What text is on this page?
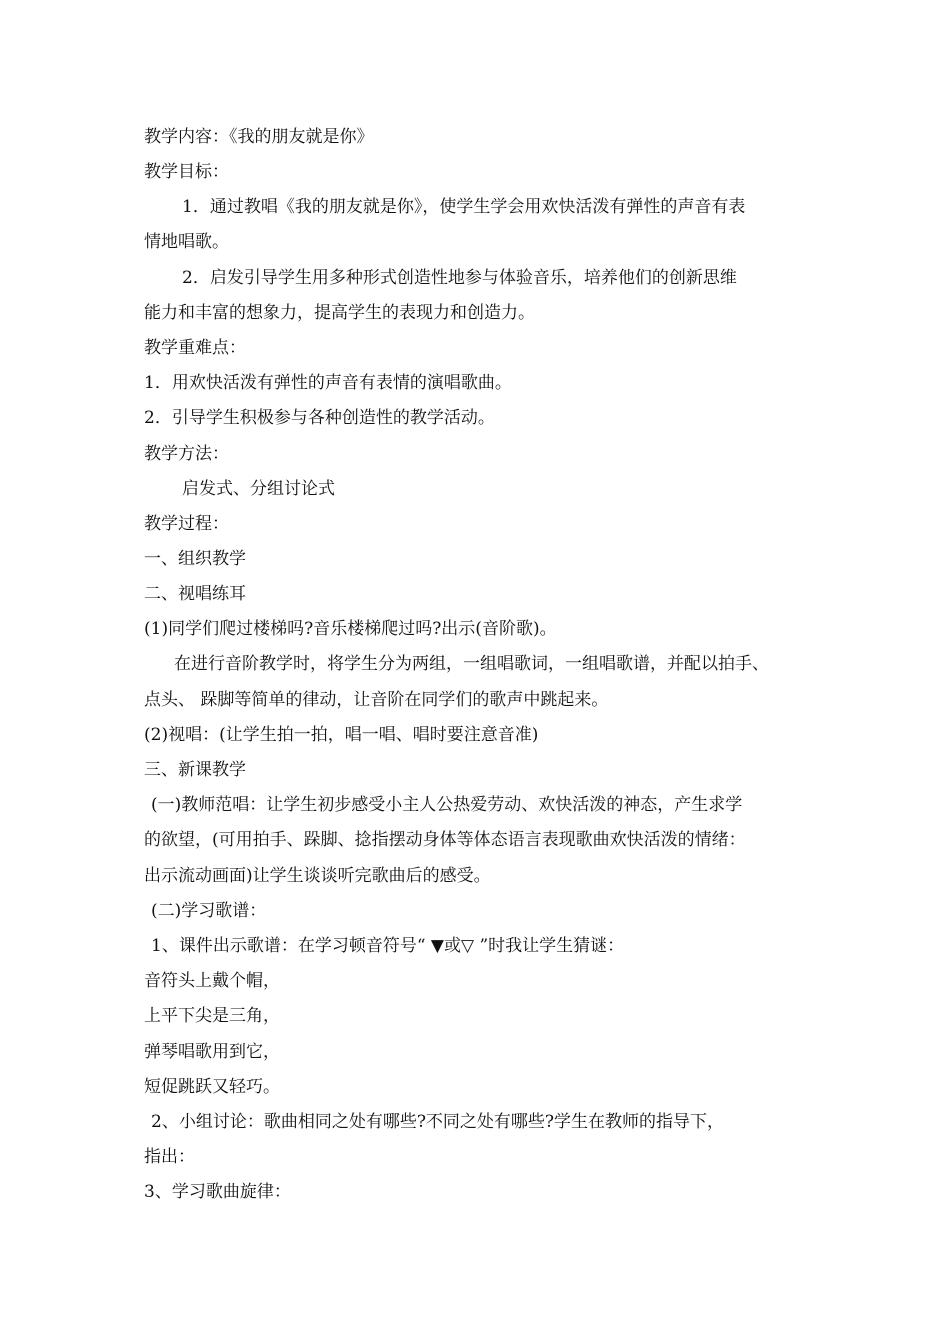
教学内容：《我的朋友就是你》
教学目标：
1．通过教唱《我的朋友就是你》，使学生学会用欢快活泼有弹性的声音有表
情地唱歌。
2．启发引导学生用多种形式创造性地参与体验音乐，培养他们的创新思维
能力和丰富的想象力，提高学生的表现力和创造力。
教学重难点：
1．用欢快活泼有弹性的声音有表情的演唱歌曲。
2．引导学生积极参与各种创造性的教学活动。
教学方法：
启发式、分组讨论式
教学过程：
一、组织教学
二、视唱练耳
(1)同学们爬过楼梯吗?音乐楼梯爬过吗?出示(音阶歌)。
在进行音阶教学时，将学生分为两组，一组唱歌词，一组唱歌谱，并配以拍手、
点头、 跺脚等简单的律动，让音阶在同学们的歌声中跳起来。
(2)视唱：(让学生拍一拍，唱一唱、唱时要注意音准)
三、新课教学
(一)教师范唱：让学生初步感受小主人公热爱劳动、欢快活泼的神态，产生求学
的欲望，(可用拍手、跺脚、捻指摆动身体等体态语言表现歌曲欢快活泼的情绪：
出示流动画面)让学生谈谈听完歌曲后的感受。
(二)学习歌谱：
1、课件出示歌谱：在学习顿音符号“ ▼或▽ ”时我让学生猜谜：
音符头上戴个帽，
上平下尖是三角，
弹琴唱歌用到它，
短促跳跃又轻巧。
2、小组讨论：歌曲相同之处有哪些?不同之处有哪些?学生在教师的指导下，
指出：
3、学习歌曲旋律：
